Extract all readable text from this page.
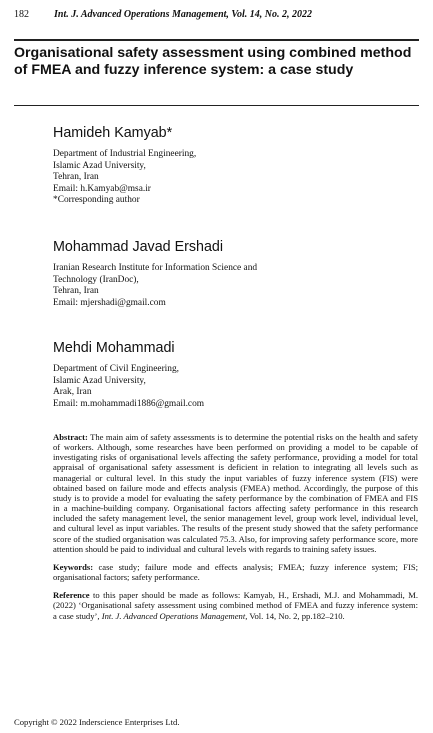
182	Int. J. Advanced Operations Management, Vol. 14, No. 2, 2022
Organisational safety assessment using combined method of FMEA and fuzzy inference system: a case study
Hamideh Kamyab*
Department of Industrial Engineering,
Islamic Azad University,
Tehran, Iran
Email: h.Kamyab@msa.ir
*Corresponding author
Mohammad Javad Ershadi
Iranian Research Institute for Information Science and
Technology (IranDoc),
Tehran, Iran
Email: mjershadi@gmail.com
Mehdi Mohammadi
Department of Civil Engineering,
Islamic Azad University,
Arak, Iran
Email: m.mohammadi1886@gmail.com

Abstract: The main aim of safety assessments is to determine the potential risks on the health and safety of workers. Although, some researches have been performed on providing a model to be capable of investigating risks of organisational levels affecting the safety performance, providing a model for total appraisal of organisational safety assessment is deficient in relation to integrating all levels such as managerial or cultural level. In this study the input variables of fuzzy inference system (FIS) were obtained based on failure mode and effects analysis (FMEA) method. Accordingly, the purpose of this study is to provide a model for evaluating the safety performance by the combination of FMEA and FIS in a machine-building company. Organisational factors affecting safety performance in this research included the safety management level, the senior management level, group work level, individual level, and cultural level as input variables. The results of the present study showed that the safety performance score of the studied organisation was calculated 75.3. Also, for improving safety performance score, more attention should be paid to individual and cultural levels with regards to training safety issues.

Keywords: case study; failure mode and effects analysis; FMEA; fuzzy inference system; FIS; organisational factors; safety performance.

Reference to this paper should be made as follows: Kamyab, H., Ershadi, M.J. and Mohammadi, M. (2022) ‘Organisational safety assessment using combined method of FMEA and fuzzy inference system: a case study’, Int. J. Advanced Operations Management, Vol. 14, No. 2, pp.182–210.

Copyright © 2022 Inderscience Enterprises Ltd.
